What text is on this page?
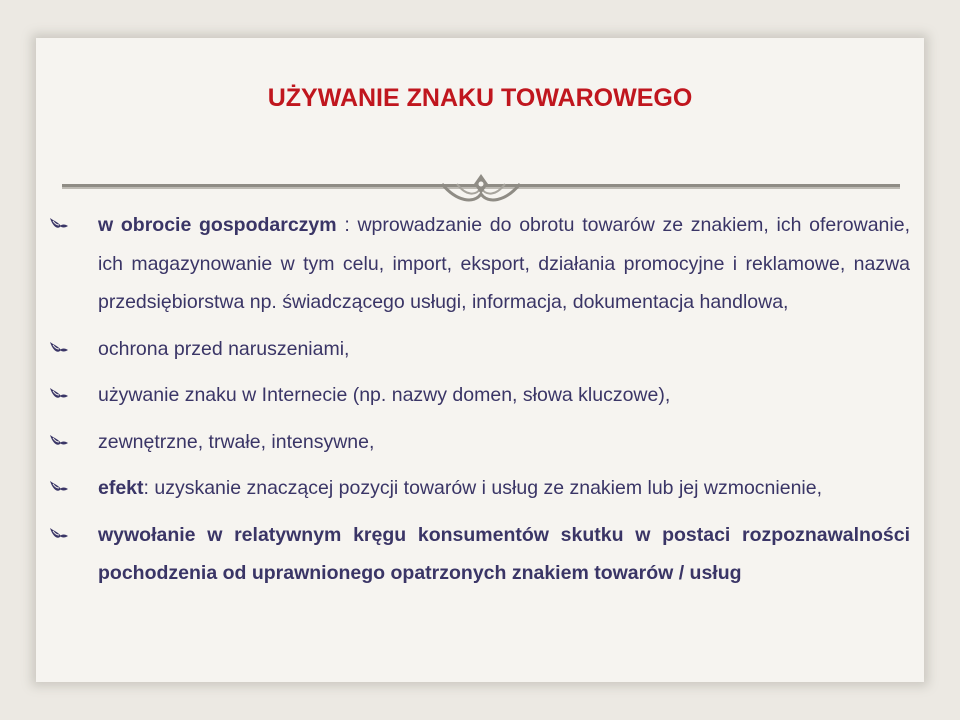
UŻYWANIE ZNAKU TOWAROWEGO
w obrocie gospodarczym : wprowadzanie do obrotu towarów ze znakiem, ich oferowanie, ich magazynowanie w tym celu, import, eksport, działania promocyjne i reklamowe, nazwa przedsiębiorstwa np. świadczącego usługi, informacja, dokumentacja handlowa,
ochrona przed naruszeniami,
używanie znaku w Internecie (np. nazwy domen, słowa kluczowe),
zewnętrzne, trwałe, intensywne,
efekt: uzyskanie znaczącej pozycji towarów i usług ze znakiem lub jej wzmocnienie,
wywołanie w relatywnym kręgu konsumentów skutku w postaci rozpoznawalności pochodzenia od uprawnionego opatrzonych znakiem towarów / usług
